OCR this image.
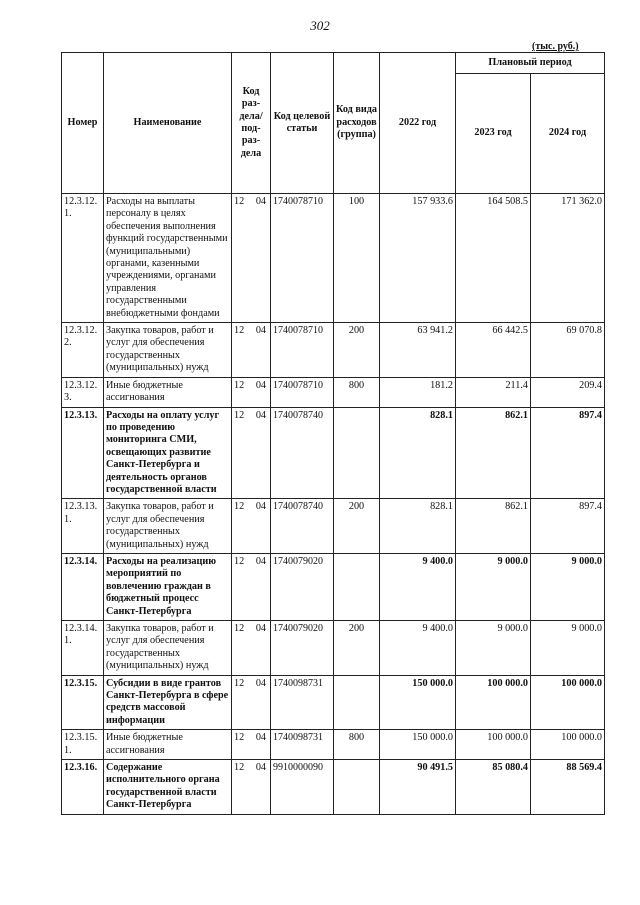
302
(тыс. руб.)
Номер	Наименование	Код раз-дела/ под-раз-дела	Код целевой статьи	Код вида расходов (группа)	2022 год	Плановый период	
						2023 год	2024 год
12.3.12.1.	Расходы на выплаты персоналу в целях обеспечения выполнения функций государственными (муниципальными) органами, казенными учреждениями, органами управления государственными внебюджетными фондами	12 04	1740078710	100	157 933.6	164 508.5	171 362.0
12.3.12.2.	Закупка товаров, работ и услуг для обеспечения государственных (муниципальных) нужд	12 04	1740078710	200	63 941.2	66 442.5	69 070.8
12.3.12.3.	Иные бюджетные ассигнования	12 04	1740078710	800	181.2	211.4	209.4
12.3.13.	Расходы на оплату услуг по проведению мониторинга СМИ, освещающих развитие Санкт-Петербурга и деятельность органов государственной власти	12 04	1740078740		828.1	862.1	897.4
12.3.13.1.	Закупка товаров, работ и услуг для обеспечения государственных (муниципальных) нужд	12 04	1740078740	200	828.1	862.1	897.4
12.3.14.	Расходы на реализацию мероприятий по вовлечению граждан в бюджетный процесс Санкт-Петербурга	12 04	1740079020		9 400.0	9 000.0	9 000.0
12.3.14.1.	Закупка товаров, работ и услуг для обеспечения государственных (муниципальных) нужд	12 04	1740079020	200	9 400.0	9 000.0	9 000.0
12.3.15.	Субсидии в виде грантов Санкт-Петербурга в сфере средств массовой информации	12 04	1740098731		150 000.0	100 000.0	100 000.0
12.3.15.1.	Иные бюджетные ассигнования	12 04	1740098731	800	150 000.0	100 000.0	100 000.0
12.3.16.	Содержание исполнительного органа государственной власти Санкт-Петербурга	12 04	9910000090		90 491.5	85 080.4	88 569.4
